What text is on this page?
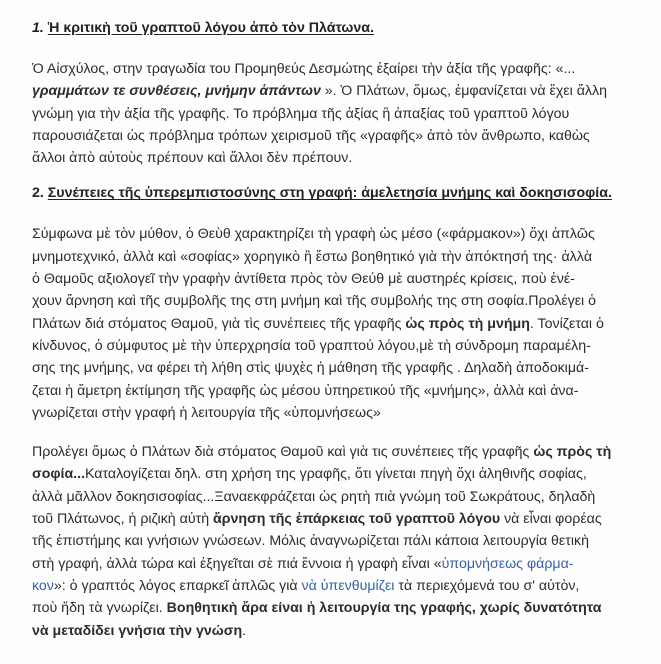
1. Ἡ κριτικὴ τοῦ γραπτοῦ λόγου ἀπὸ τὸν Πλάτωνα.

Ὁ Αἰσχύλος, στην τραγωδία του Προμηθεύς Δεσμώτης ἐξαίρει τὴν ἀξία τῆς γραφῆς: «...
γραμμάτων τε συνθέσεις, μνήμην ἁπάντων ». Ὁ Πλάτων, ὅμως, ἐμφανίζεται νὰ ἔχει ἄλλη
γνώμη για τὴν ἀξία τῆς γραφῆς. Το πρόβλημα τῆς ἀξίας ἢ ἀπαξίας τοῦ γραπτοῦ λόγου
παρουσιάζεται ὡς πρόβλημα τρόπων χειρισμοῦ τῆς «γραφῆς» ἀπὸ τὸν ἄνθρωπο, καθὼς
ἄλλοι ἀπὸ αὐτοὺς πρέπουν καὶ ἄλλοι δὲν πρέπουν.

2. Συνέπειες τῆς ὑπερεμπιστοσύνης στη γραφή: ἀμελετησία μνήμης καὶ δοκησισοφία.

Σύμφωνα μὲ τὸν μύθον, ὁ Θεὺθ χαρακτηρίζει τὴ γραφὴ ὡς μέσο («φάρμακον») ὄχι ἁπλῶς
μνημοτεχνικό, ἀλλὰ καὶ «σοφίας» χορηγικὸ ἢ ἔστω βοηθητικό γιὰ τὴν ἀπόκτησή της· ἀλλὰ
ὁ Θαμοῦς αξιολογεῖ τὴν γραφὴν ἀντίθετα πρὸς τὸν Θεύθ μὲ αυστηρές κρίσεις, ποὺ ἐνέ-
χουν ἄρνηση καὶ τῆς συμβολῆς της στη μνήμη καὶ τῆς συμβολής της στη σοφία.Προλέγει ὁ
Πλάτων διά στόματος Θαμοῦ, γιὰ τὶς συνέπειες τῆς γραφῆς ὡς πρὸς τὴ μνήμη. Τονίζεται ὁ
κίνδυνος, ὁ σύμφυτος μὲ τὴν ὑπερχρησία τοῦ γραπτού λόγου,μὲ τὴ σύνδρομη παραμέλη-
σης της μνήμης, να φέρει τὴ λήθη στὶς ψυχὲς ἡ μάθηση τῆς γραφῆς . Δηλαδὴ ἀποδοκιμά-
ζεται ἡ ἄμετρη ἐκτίμηση τῆς γραφῆς ὡς μέσου ὑπηρετικού τῆς «μνήμης», ἀλλὰ καὶ ἀνα-
γνωρίζεται στὴν γραφή ἡ λειτουργία τῆς «ὑπομνήσεως»

Προλέγει ὅμως ὁ Πλάτων διὰ στόματος Θαμοῦ καὶ γιὰ τις συνέπειες τῆς γραφῆς ὡς πρὸς τὴ
σοφία...Καταλογίζεται δηλ. στη χρήση της γραφῆς, ὅτι γίνεται πηγὴ ὄχι ἀληθινῆς σοφίας,
ἀλλὰ μᾶλλον δοκησισοφίας...Ξαναεκφράζεται ὡς ρητὴ πιὰ γνώμη τοῦ Σωκράτους, δηλαδὴ
τοῦ Πλάτωνος, ἡ ριζικὴ αὐτὴ ἄρνηση τῆς ἐπάρκειας τοῦ γραπτοῦ λόγου νὰ εἶναι φορέας
τῆς ἐπιστήμης και γνήσιων γνώσεων. Μόλις ἀναγνωρίζεται πάλι κάποια λειτουργία θετικὴ
στὴ γραφή, ἀλλὰ τώρα καὶ ἐξηγεῖται σὲ πιά ἔννοια ἡ γραφὴ εἶναι «ὑπομνήσεως φάρμα-
κον»: ὁ γραπτός λόγος επαρκεῖ ἁπλῶς γιὰ νὰ ὑπενθυμίζει τὰ περιεχόμενά του σ' αὐτὸν,
ποὺ ἤδη τὰ γνωρίζει. Βοηθητικὴ ἄρα είναι ἡ λειτουργία της γραφής, χωρίς δυνατότητα
νὰ μεταδίδει γνήσια τὴν γνώση.
